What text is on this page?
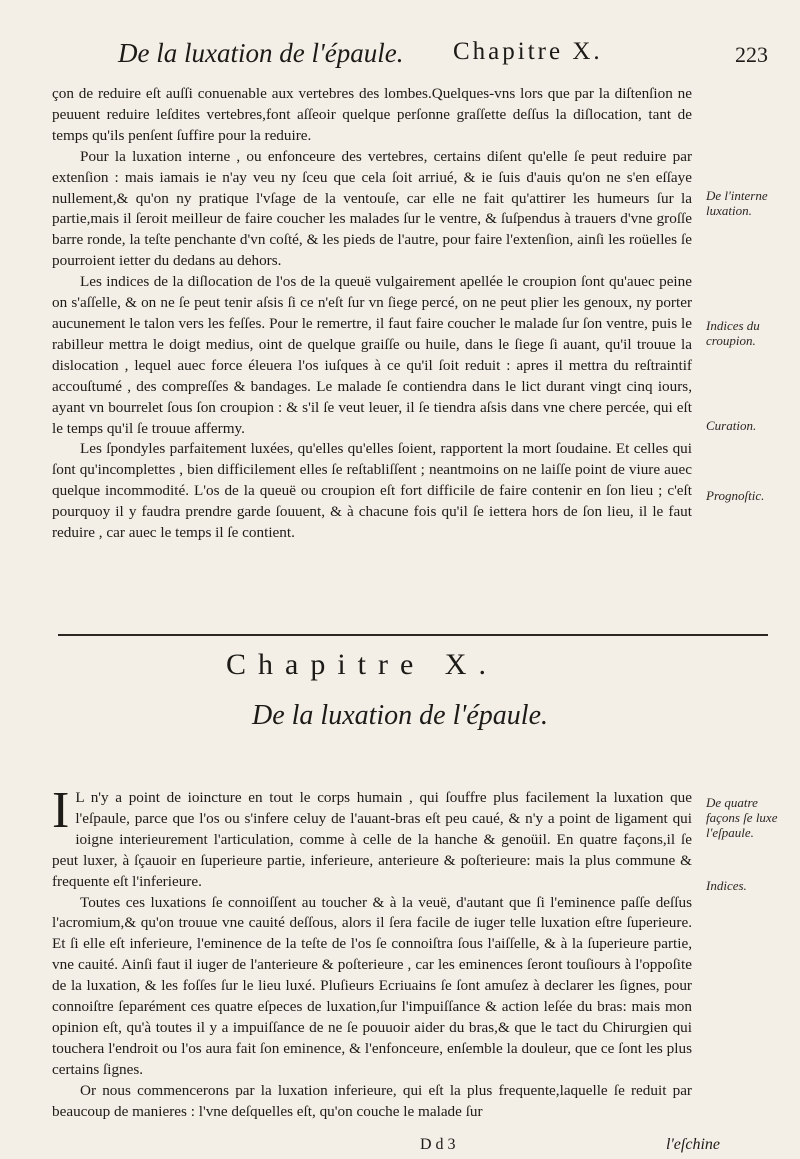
De la luxation de l'épaule. Chapitre X.	223

çon de reduire eſt auſſi conuenable aux vertebres des lombes.Quelques-vns lors que par la diſtenſion ne peuuent reduire leſdites vertebres,font aſſeoir quelque perſonne graſſette deſſus la diſlocation, tant de temps qu'ils penſent ſuffire pour la reduire.

Pour la luxation interne , ou enfonceure des vertebres, certains diſent qu'elle ſe peut reduire par extenſion : mais iamais ie n'ay veu ny ſceu que cela ſoit arriué, & ie ſuis d'auis qu'on ne s'en eſſaye nullement,& qu'on ny pratique l'vſage de la ventouſe, car elle ne fait qu'attirer les humeurs ſur la partie,mais il ſeroit meilleur de faire coucher les malades ſur le ventre, & ſuſpendus à trauers d'vne groſſe barre ronde, la teſte penchante d'vn coſté, & les pieds de l'autre, pour faire l'extenſion, ainſi les roüelles ſe pourroient ietter du dedans au dehors.

Les indices de la diſlocation de l'os de la queuë vulgairement apellée le croupion ſont qu'auec peine on s'aſſelle, & on ne ſe peut tenir aſsis ſi ce n'eſt ſur vn ſiege percé, on ne peut plier les genoux, ny porter aucunement le talon vers les feſſes. Pour le remertre, il faut faire coucher le malade ſur ſon ventre, puis le rabilleur mettra le doigt medius, oint de quelque graiſſe ou huile, dans le ſiege ſi auant, qu'il trouue la dislocation , lequel auec force éleuera l'os iuſques à ce qu'il ſoit reduit : apres il mettra du reſtraintif accouſtumé , des compreſſes & bandages. Le malade ſe contiendra dans le lict durant vingt cinq iours, ayant vn bourrelet ſous ſon croupion : & s'il ſe veut leuer, il ſe tiendra aſsis dans vne chere percée, qui eſt le temps qu'il ſe trouue affermy.

Les ſpondyles parfaitement luxées, qu'elles qu'elles ſoient, rapportent la mort ſoudaine. Et celles qui ſont qu'incomplettes , bien difficilement elles ſe reſtabliſſent ; neantmoins on ne laiſſe point de viure auec quelque incommodité. L'os de la queuë ou croupion eſt fort difficile de faire contenir en ſon lieu ; c'eſt pourquoy il y faudra prendre garde ſouuent, & à chacune fois qu'il ſe iettera hors de ſon lieu, il le faut reduire , car auec le temps il ſe contient.

De l'interne luxation.
Indices du croupion.
Curation.
Prognoſtic.
Chapitre X.
De la luxation de l'épaule.

I L n'y a point de ioincture en tout le corps humain , qui ſouffre plus facilement la luxation que l'eſpaule, parce que l'os ou s'infere celuy de l'auant-bras eſt peu caué, & n'y a point de ligament qui ioigne interieurement l'articulation, comme à celle de la hanche & genoüil. En quatre façons,il ſe peut luxer, à ſçauoir en ſuperieure partie, inferieure, anterieure & poſterieure: mais la plus commune & frequente eſt l'inferieure.

Toutes ces luxations ſe connoiſſent au toucher & à la veuë, d'autant que ſi l'eminence paſſe deſſus l'acromium,& qu'on trouue vne cauité deſſous, alors il ſera facile de iuger telle luxation eſtre ſuperieure. Et ſi elle eſt inferieure, l'eminence de la teſte de l'os ſe connoiſtra ſous l'aiſſelle, & à la ſuperieure partie, vne cauité. Ainſi faut il iuger de l'anterieure & poſterieure , car les eminences ſeront touſiours à l'oppoſite de la luxation, & les foſſes ſur le lieu luxé. Pluſieurs Ecriuains ſe ſont amuſez à declarer les ſignes, pour connoiſtre ſeparément ces quatre eſpeces de luxation,ſur l'impuiſſance & action leſée du bras: mais mon opinion eſt, qu'à toutes il y a impuiſſance de ne ſe pouuoir aider du bras,& que le tact du Chirurgien qui touchera l'endroit ou l'os aura fait ſon eminence, & l'enfonceure, enſemble la douleur, que ce ſont les plus certains ſignes.

Or nous commencerons par la luxation inferieure, qui eſt la plus frequente,laquelle ſe reduit par beaucoup de manieres : l'vne deſquelles eſt, qu'on couche le malade ſur

De quatre façons ſe luxe l'eſpaule.
Indices.
D d 3	l'eſchine
